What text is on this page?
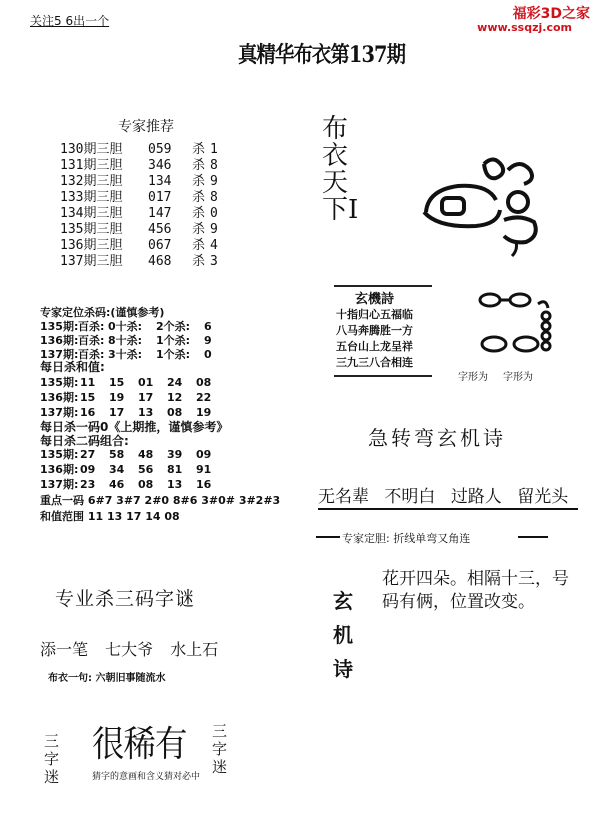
关注5 6出一个	福彩3D之家
www.ssqzj.com
真精华布衣第137期
专家推荐
130期三胆 059 杀 1
131期三胆 346 杀 8
132期三胆 134 杀 9
133期三胆 017 杀 8
134期三胆 147 杀 0
135期三胆 456 杀 9
136期三胆 067 杀 4
137期三胆 468 杀 3
布衣天下I
专家定位杀码:(谨慎参考)
135期:百杀: 0十杀: 2个杀: 6
136期:百杀: 8十杀: 1个杀: 9
137期:百杀: 3十杀: 1个杀: 0
每日杀和值:
135期: 11 15 01 24 08
136期: 15 19 17 12 22
137期: 16 17 13 08 19
每日杀一码0《上期推，谨慎参考》
每日杀二码组合:
135期: 27 58 48 39 09
136期: 09 34 56 81 91
137期: 23 46 08 13 16
重点一码 6#7 3#7 2#0 8#6 3#0# 3#2#3
和值范围 11 13 17 14 08
玄機詩
十指归心五福临
八马奔腾胜一方
五台山上龙呈祥
三九三八合相连
字形为 字形为
急转弯玄机诗
无名辈 不明白 过路人 留光头
专家定胆: 折线单弯又角连
玄机诗
花开四朵。相隔十三，号码有俩，位置改变。
专业杀三码字谜
添一笔 七大爷 水上石
布衣一句: 六朝旧事随流水
三字迷
很稀有 三字迷
猜字的意画和含义猜对必中
